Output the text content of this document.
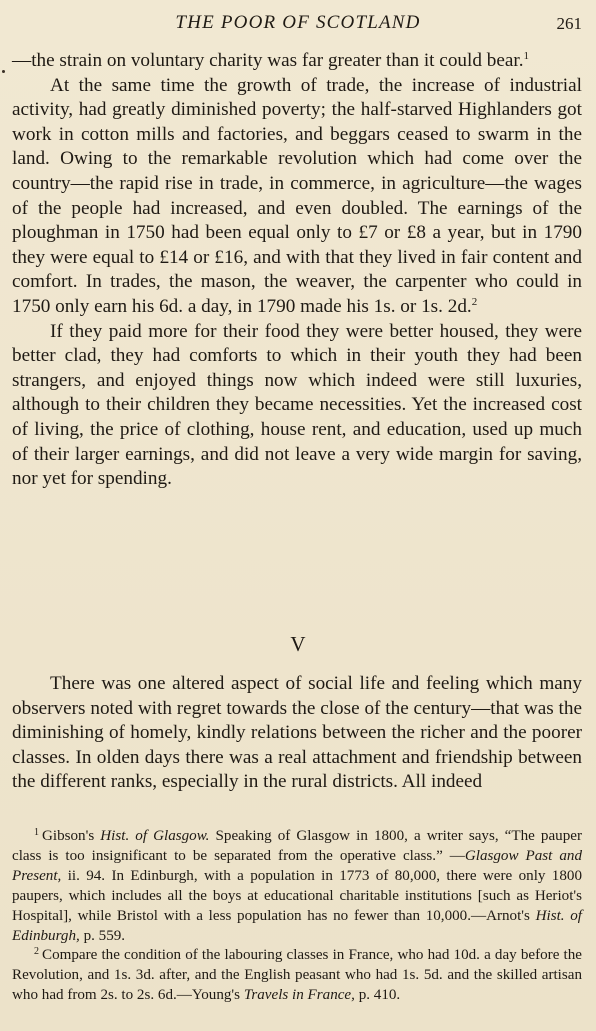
THE POOR OF SCOTLAND	261

—the strain on voluntary charity was far greater than it could bear.$^1$

At the same time the growth of trade, the increase of industrial activity, had greatly diminished poverty; the half-starved Highlanders got work in cotton mills and factories, and beggars ceased to swarm in the land. Owing to the remarkable revolution which had come over the country—the rapid rise in trade, in commerce, in agriculture—the wages of the people had increased, and even doubled. The earnings of the ploughman in 1750 had been equal only to £7 or £8 a year, but in 1790 they were equal to £14 or £16, and with that they lived in fair content and comfort. In trades, the mason, the weaver, the carpenter who could in 1750 only earn his 6d. a day, in 1790 made his 1s. or 1s. 2d.$^2$

If they paid more for their food they were better housed, they were better clad, they had comforts to which in their youth they had been strangers, and enjoyed things now which indeed were still luxuries, although to their children they became necessities. Yet the increased cost of living, the price of clothing, house rent, and education, used up much of their larger earnings, and did not leave a very wide margin for saving, nor yet for spending.

V

There was one altered aspect of social life and feeling which many observers noted with regret towards the close of the century—that was the diminishing of homely, kindly relations between the richer and the poorer classes. In olden days there was a real attachment and friendship between the different ranks, especially in the rural districts. All indeed

$^1$ Gibson's Hist. of Glasgow. Speaking of Glasgow in 1800, a writer says, “The pauper class is too insignificant to be separated from the operative class.” —Glasgow Past and Present, ii. 94. In Edinburgh, with a population in 1773 of 80,000, there were only 1800 paupers, which includes all the boys at educational charitable institutions [such as Heriot's Hospital], while Bristol with a less population has no fewer than 10,000.—Arnot's Hist. of Edinburgh, p. 559.

$^2$ Compare the condition of the labouring classes in France, who had 10d. a day before the Revolution, and 1s. 3d. after, and the English peasant who had 1s. 5d. and the skilled artisan who had from 2s. to 2s. 6d.—Young's Travels in France, p. 410.
